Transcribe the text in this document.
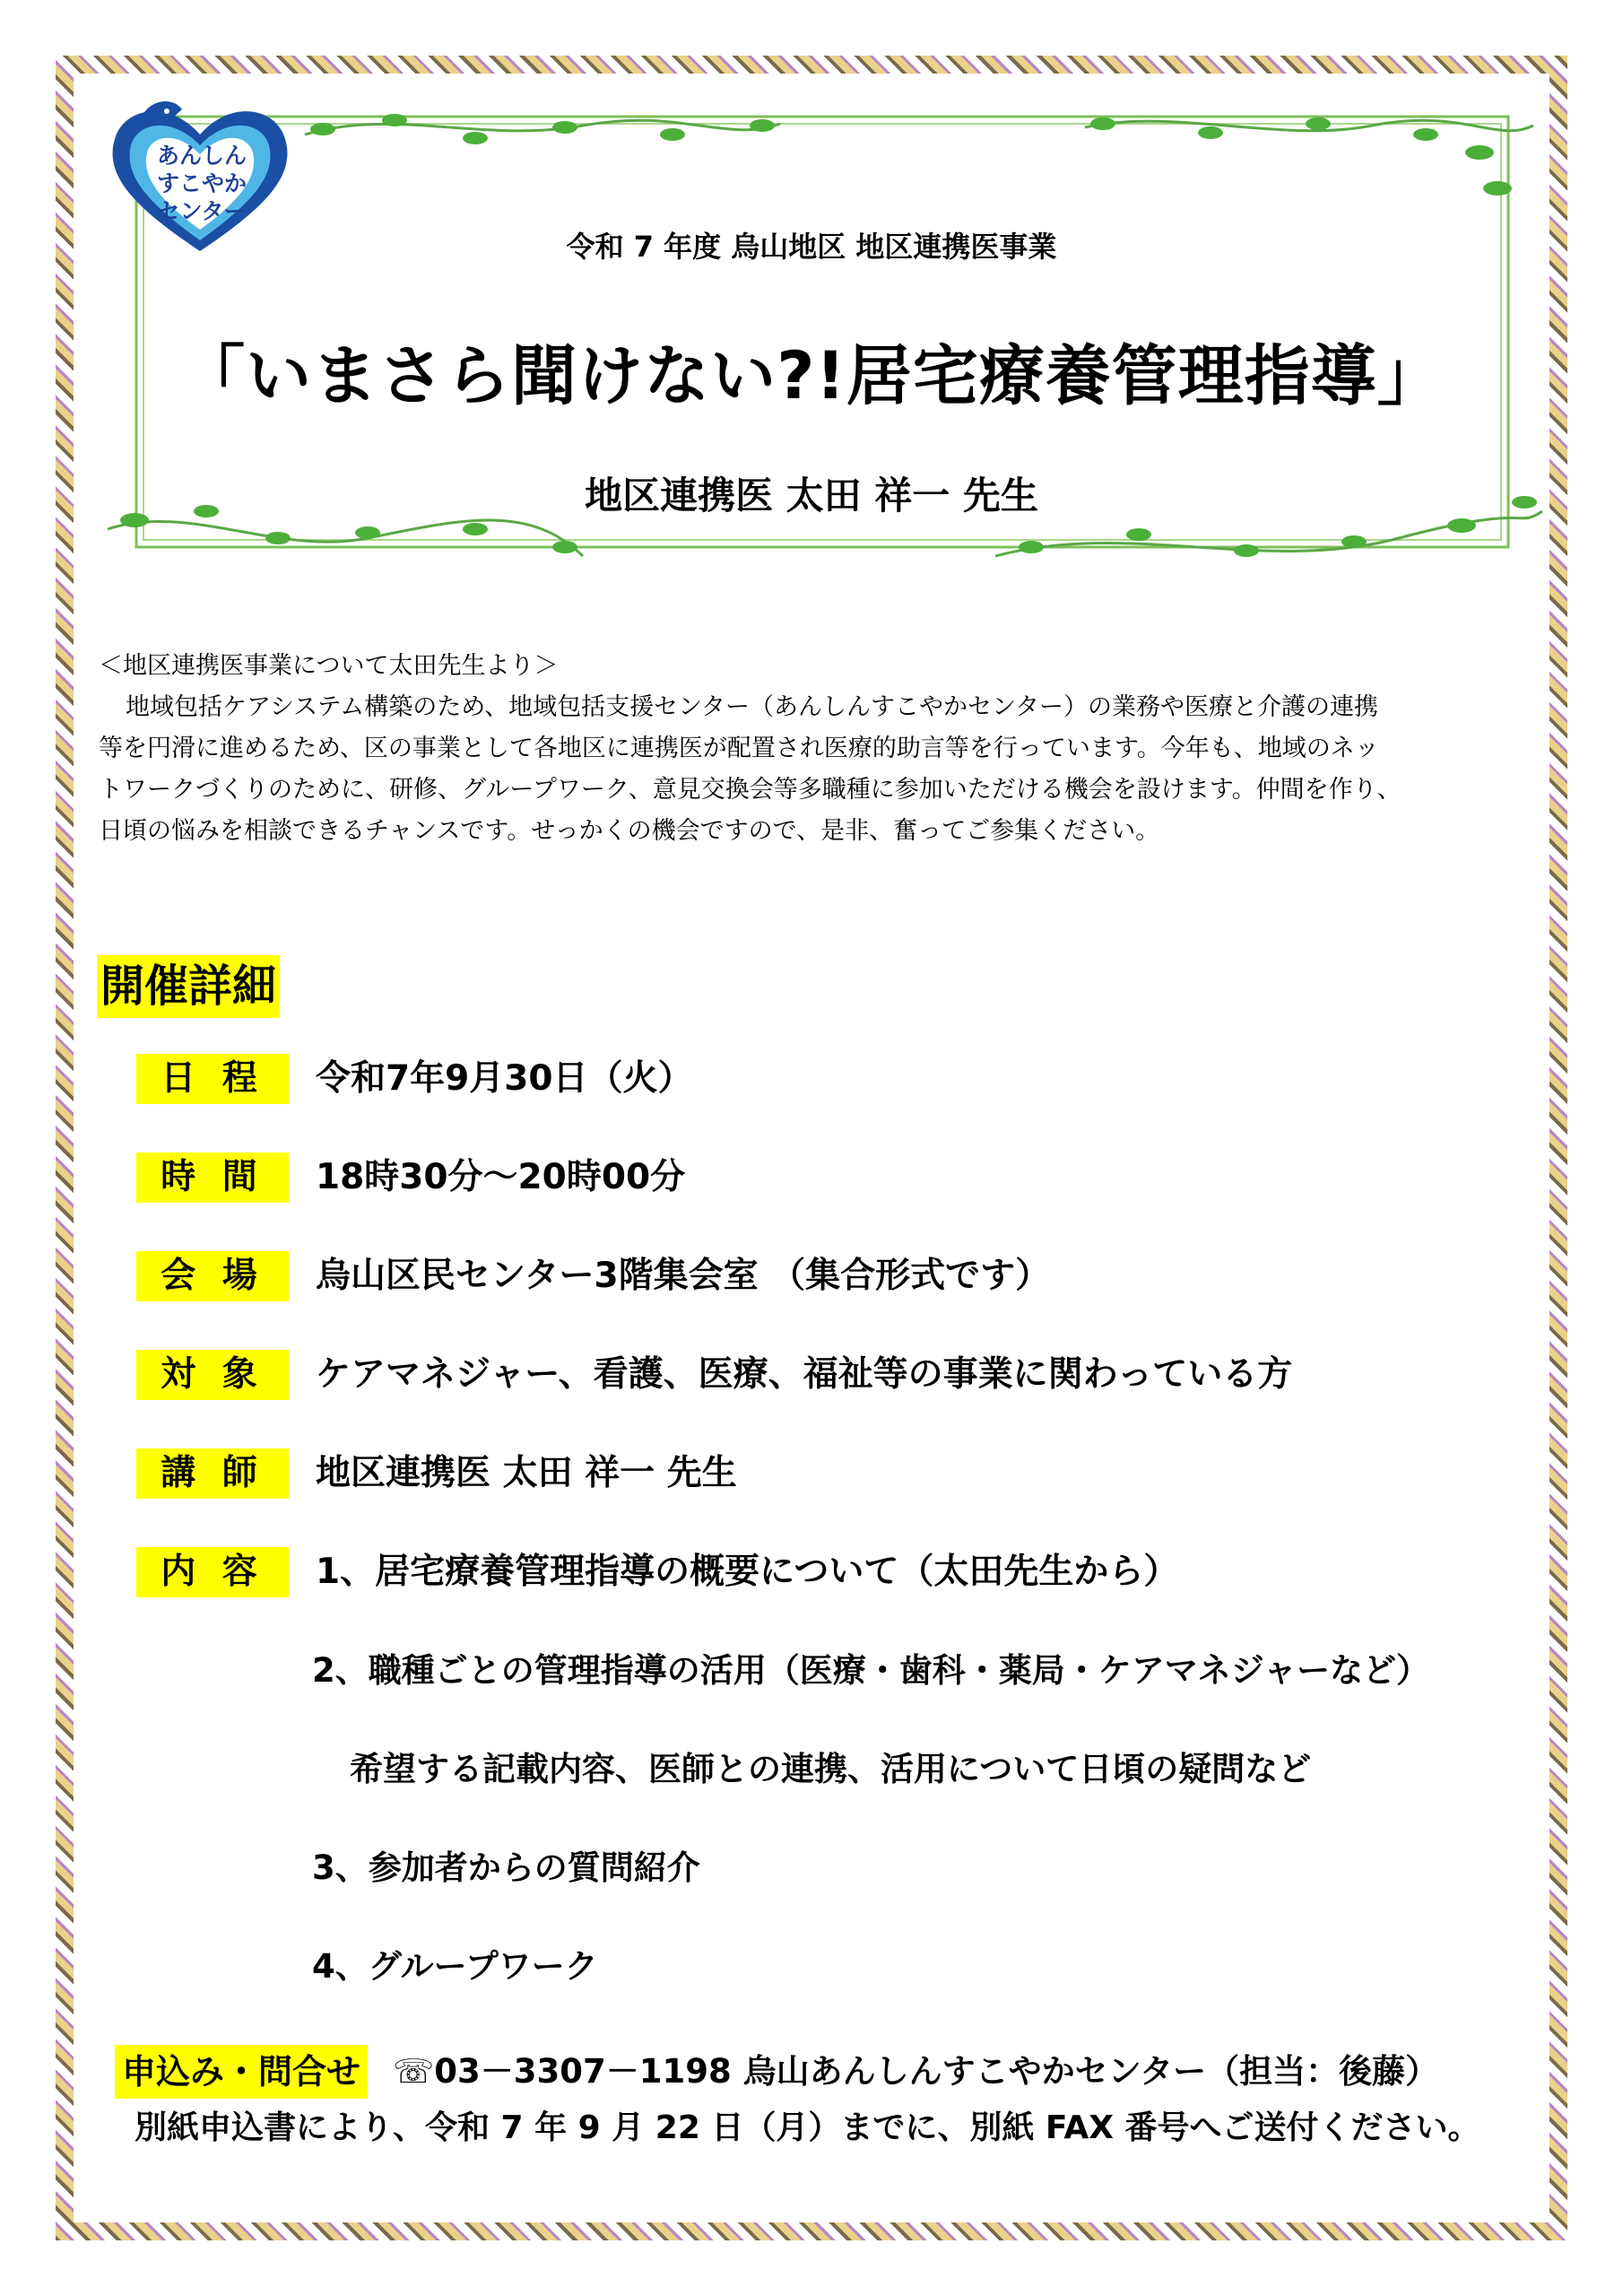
あんしん
すこやか
センター
令和 7 年度 烏山地区 地区連携医事業
「いまさら聞けない?!居宅療養管理指導」
地区連携医 太田 祥一 先生
＜地区連携医事業について太田先生より＞
地域包括ケアシステム構築のため、地域包括支援センター（あんしんすこやかセンター）の業務や医療と介護の連携
等を円滑に進めるため、区の事業として各地区に連携医が配置され医療的助言等を行っています。今年も、地域のネッ
トワークづくりのために、研修、グループワーク、意見交換会等多職種に参加いただける機会を設けます。仲間を作り、
日頃の悩みを相談できるチャンスです。せっかくの機会ですので、是非、奮ってご参集ください。
開催詳細
日 程	令和7年9月30日（火）
時 間	18時30分～20時00分
会 場	烏山区民センター3階集会室 （集合形式です）
対 象	ケアマネジャー、看護、医療、福祉等の事業に関わっている方
講 師	地区連携医 太田 祥一 先生
内 容	1、居宅療養管理指導の概要について（太田先生から）
2、職種ごとの管理指導の活用（医療・歯科・薬局・ケアマネジャーなど）
希望する記載内容、医師との連携、活用について日頃の疑問など
3、参加者からの質問紹介
4、グループワーク
申込み・問合せ ☏03－3307－1198 烏山あんしんすこやかセンター（担当：後藤）
別紙申込書により、令和 7 年 9 月 22 日（月）までに、別紙 FAX 番号へご送付ください。
